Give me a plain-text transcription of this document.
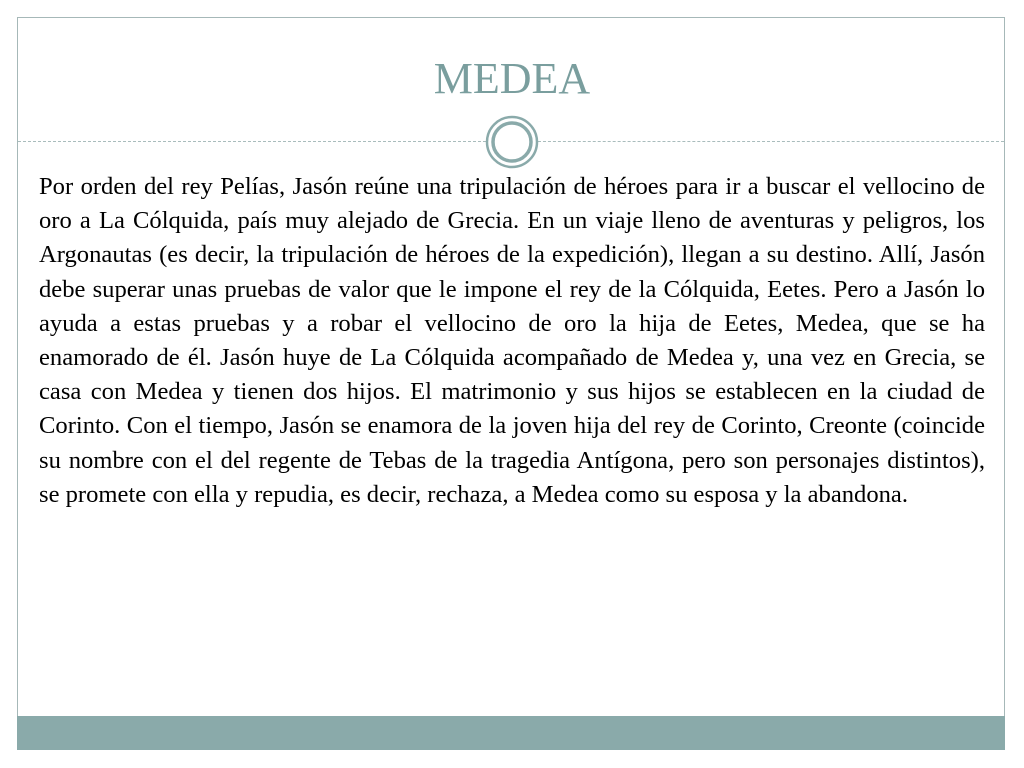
MEDEA

Por orden del rey Pelías, Jasón reúne una tripulación de héroes para ir a buscar el vellocino de oro a La Cólquida, país muy alejado de Grecia. En un viaje lleno de aventuras y peligros, los Argonautas (es decir, la tripulación de héroes de la expedición), llegan a su destino. Allí, Jasón debe superar unas pruebas de valor que le impone el rey de la Cólquida, Eetes. Pero a Jasón lo ayuda a estas pruebas y a robar el vellocino de oro la hija de Eetes, Medea, que se ha enamorado de él. Jasón huye de La Cólquida acompañado de Medea y, una vez en Grecia, se casa con Medea y tienen dos hijos. El matrimonio y sus hijos se establecen en la ciudad de Corinto. Con el tiempo, Jasón se enamora de la joven hija del rey de Corinto, Creonte (coincide su nombre con el del regente de Tebas de la tragedia Antígona, pero son personajes distintos), se promete con ella y repudia, es decir, rechaza, a Medea como su esposa y la abandona.
